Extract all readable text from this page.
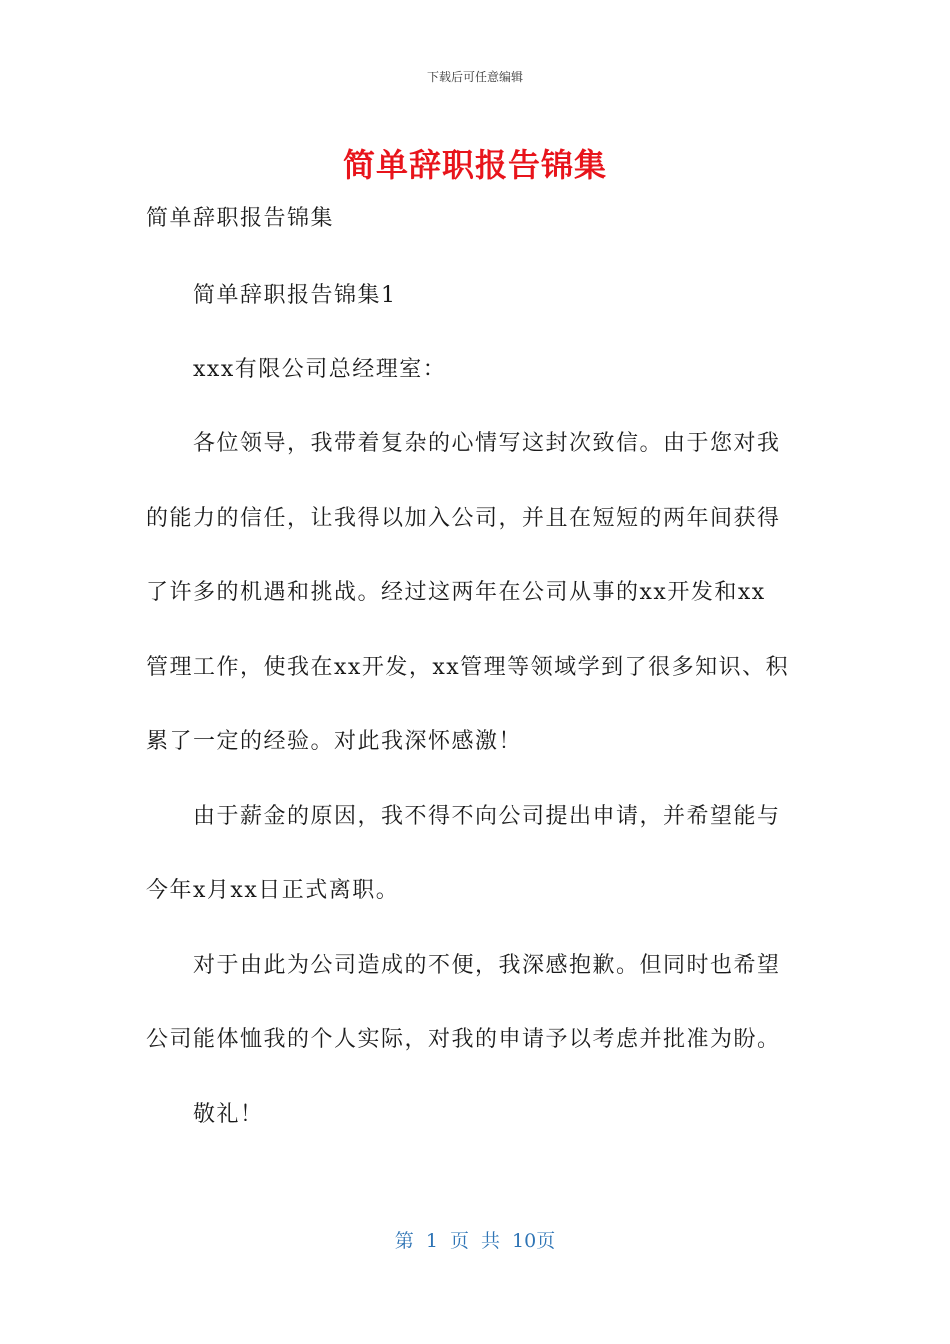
下载后可任意编辑
简单辞职报告锦集
简单辞职报告锦集
简单辞职报告锦集1
xxx有限公司总经理室：
各位领导，我带着复杂的心情写这封次致信。由于您对我
的能力的信任，让我得以加入公司，并且在短短的两年间获得
了许多的机遇和挑战。经过这两年在公司从事的xx开发和xx
管理工作，使我在xx开发，xx管理等领域学到了很多知识、积
累了一定的经验。对此我深怀感激！
由于薪金的原因，我不得不向公司提出申请，并希望能与
今年x月xx日正式离职。
对于由此为公司造成的不便，我深感抱歉。但同时也希望
公司能体恤我的个人实际，对我的申请予以考虑并批准为盼。
敬礼！
第 1 页 共 10页
